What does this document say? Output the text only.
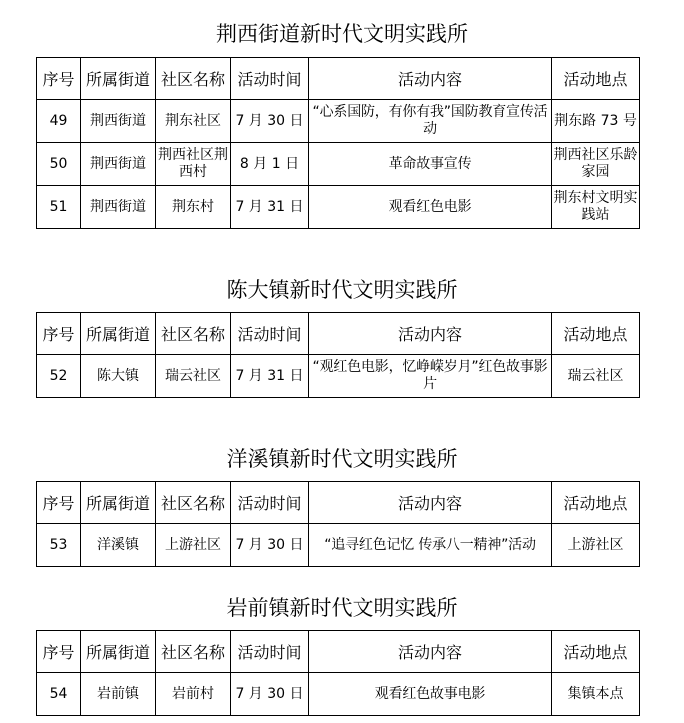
荆西街道新时代文明实践所
序号	所属街道	社区名称	活动时间	活动内容	活动地点
49	荆西街道	荆东社区	7 月 30 日	“心系国防，有你有我”国防教育宣传活动	荆东路 73 号
50	荆西街道	荆西社区荆西村	8 月 1 日	革命故事宣传	荆西社区乐龄家园
51	荆西街道	荆东村	7 月 31 日	观看红色电影	荆东村文明实践站
陈大镇新时代文明实践所
序号	所属街道	社区名称	活动时间	活动内容	活动地点
52	陈大镇	瑞云社区	7 月 31 日	“观红色电影，忆峥嵘岁月”红色故事影片	瑞云社区
洋溪镇新时代文明实践所
序号	所属街道	社区名称	活动时间	活动内容	活动地点
53	洋溪镇	上游社区	7 月 30 日	“追寻红色记忆 传承八一精神”活动	上游社区
岩前镇新时代文明实践所
序号	所属街道	社区名称	活动时间	活动内容	活动地点
54	岩前镇	岩前村	7 月 30 日	观看红色故事电影	集镇本点
